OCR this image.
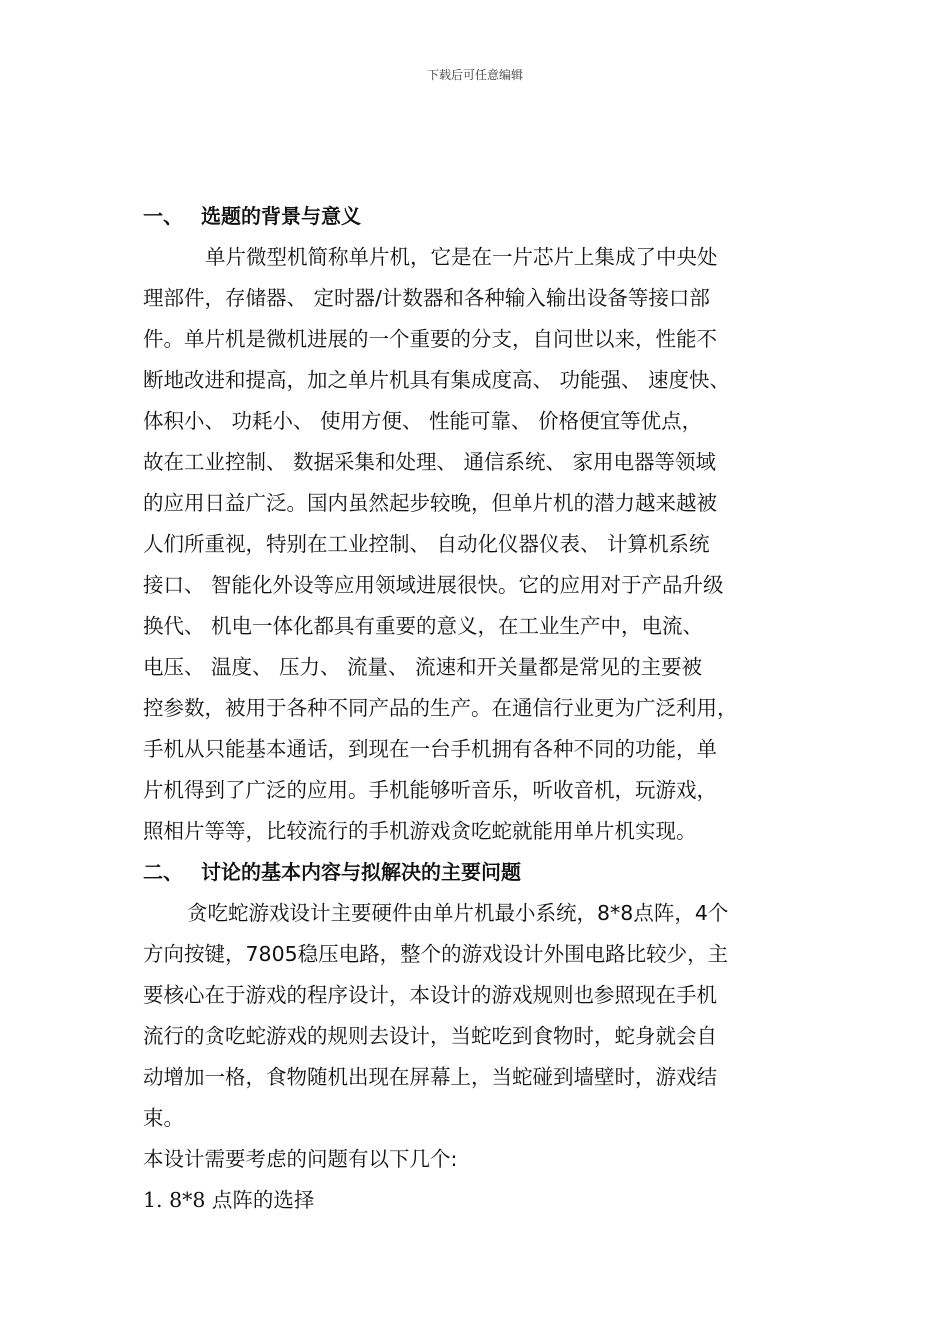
下载后可任意编辑
一、 选题的背景与意义
单片微型机简称单片机，它是在一片芯片上集成了中央处
理部件，存储器、 定时器/计数器和各种输入输出设备等接口部
件。单片机是微机进展的一个重要的分支，自问世以来，性能不
断地改进和提高，加之单片机具有集成度高、 功能强、 速度快、
体积小、 功耗小、 使用方便、 性能可靠、 价格便宜等优点，
故在工业控制、 数据采集和处理、 通信系统、 家用电器等领域
的应用日益广泛。国内虽然起步较晚，但单片机的潜力越来越被
人们所重视，特别在工业控制、 自动化仪器仪表、 计算机系统
接口、 智能化外设等应用领域进展很快。它的应用对于产品升级
换代、 机电一体化都具有重要的意义，在工业生产中，电流、
电压、 温度、 压力、 流量、 流速和开关量都是常见的主要被
控参数，被用于各种不同产品的生产。在通信行业更为广泛利用，
手机从只能基本通话，到现在一台手机拥有各种不同的功能，单
片机得到了广泛的应用。手机能够听音乐，听收音机，玩游戏，
照相片等等，比较流行的手机游戏贪吃蛇就能用单片机实现。
二、 讨论的基本内容与拟解决的主要问题
贪吃蛇游戏设计主要硬件由单片机最小系统，8*8点阵，4个
方向按键，7805稳压电路，整个的游戏设计外围电路比较少，主
要核心在于游戏的程序设计，本设计的游戏规则也参照现在手机
流行的贪吃蛇游戏的规则去设计，当蛇吃到食物时，蛇身就会自
动增加一格，食物随机出现在屏幕上，当蛇碰到墙壁时，游戏结
束。
本设计需要考虑的问题有以下几个:
1. 8*8 点阵的选择
